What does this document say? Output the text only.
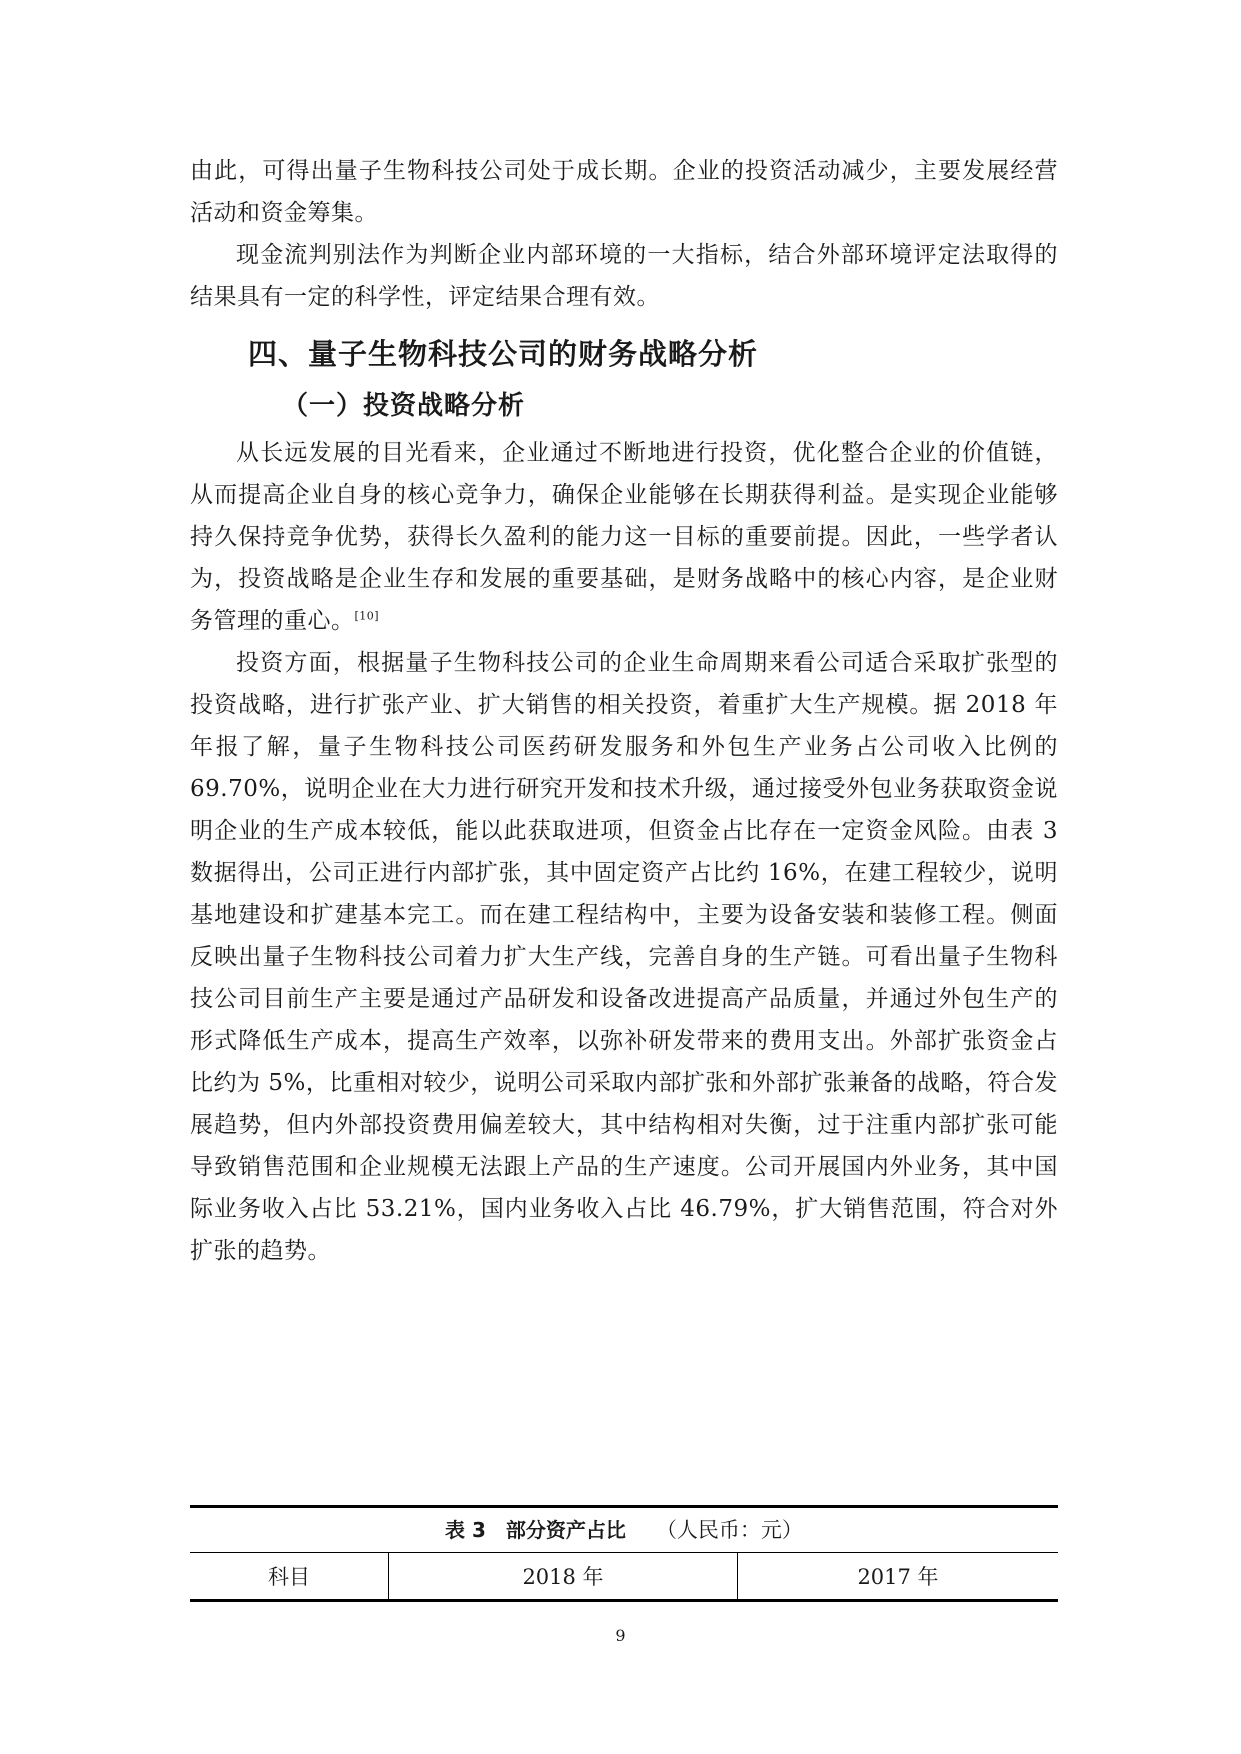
由此，可得出量子生物科技公司处于成长期。企业的投资活动减少，主要发展经营活动和资金筹集。

现金流判别法作为判断企业内部环境的一大指标，结合外部环境评定法取得的结果具有一定的科学性，评定结果合理有效。

四、量子生物科技公司的财务战略分析
（一）投资战略分析

从长远发展的目光看来，企业通过不断地进行投资，优化整合企业的价值链，从而提高企业自身的核心竞争力，确保企业能够在长期获得利益。是实现企业能够持久保持竞争优势，获得长久盈利的能力这一目标的重要前提。因此，一些学者认为，投资战略是企业生存和发展的重要基础，是财务战略中的核心内容，是企业财务管理的重心。[10]

投资方面，根据量子生物科技公司的企业生命周期来看公司适合采取扩张型的投资战略，进行扩张产业、扩大销售的相关投资，着重扩大生产规模。据 2018 年年报了解，量子生物科技公司医药研发服务和外包生产业务占公司收入比例的 69.70%，说明企业在大力进行研究开发和技术升级，通过接受外包业务获取资金说明企业的生产成本较低，能以此获取进项，但资金占比存在一定资金风险。由表 3 数据得出，公司正进行内部扩张，其中固定资产占比约 16%，在建工程较少，说明基地建设和扩建基本完工。而在建工程结构中，主要为设备安装和装修工程。侧面反映出量子生物科技公司着力扩大生产线，完善自身的生产链。可看出量子生物科技公司目前生产主要是通过产品研发和设备改进提高产品质量，并通过外包生产的形式降低生产成本，提高生产效率，以弥补研发带来的费用支出。外部扩张资金占比约为 5%，比重相对较少，说明公司采取内部扩张和外部扩张兼备的战略，符合发展趋势，但内外部投资费用偏差较大，其中结构相对失衡，过于注重内部扩张可能导致销售范围和企业规模无法跟上产品的生产速度。公司开展国内外业务，其中国际业务收入占比 53.21%，国内业务收入占比 46.79%，扩大销售范围，符合对外扩张的趋势。

表 3　部分资产占比 （人民币：元）
科目	2018 年	2017 年
9
